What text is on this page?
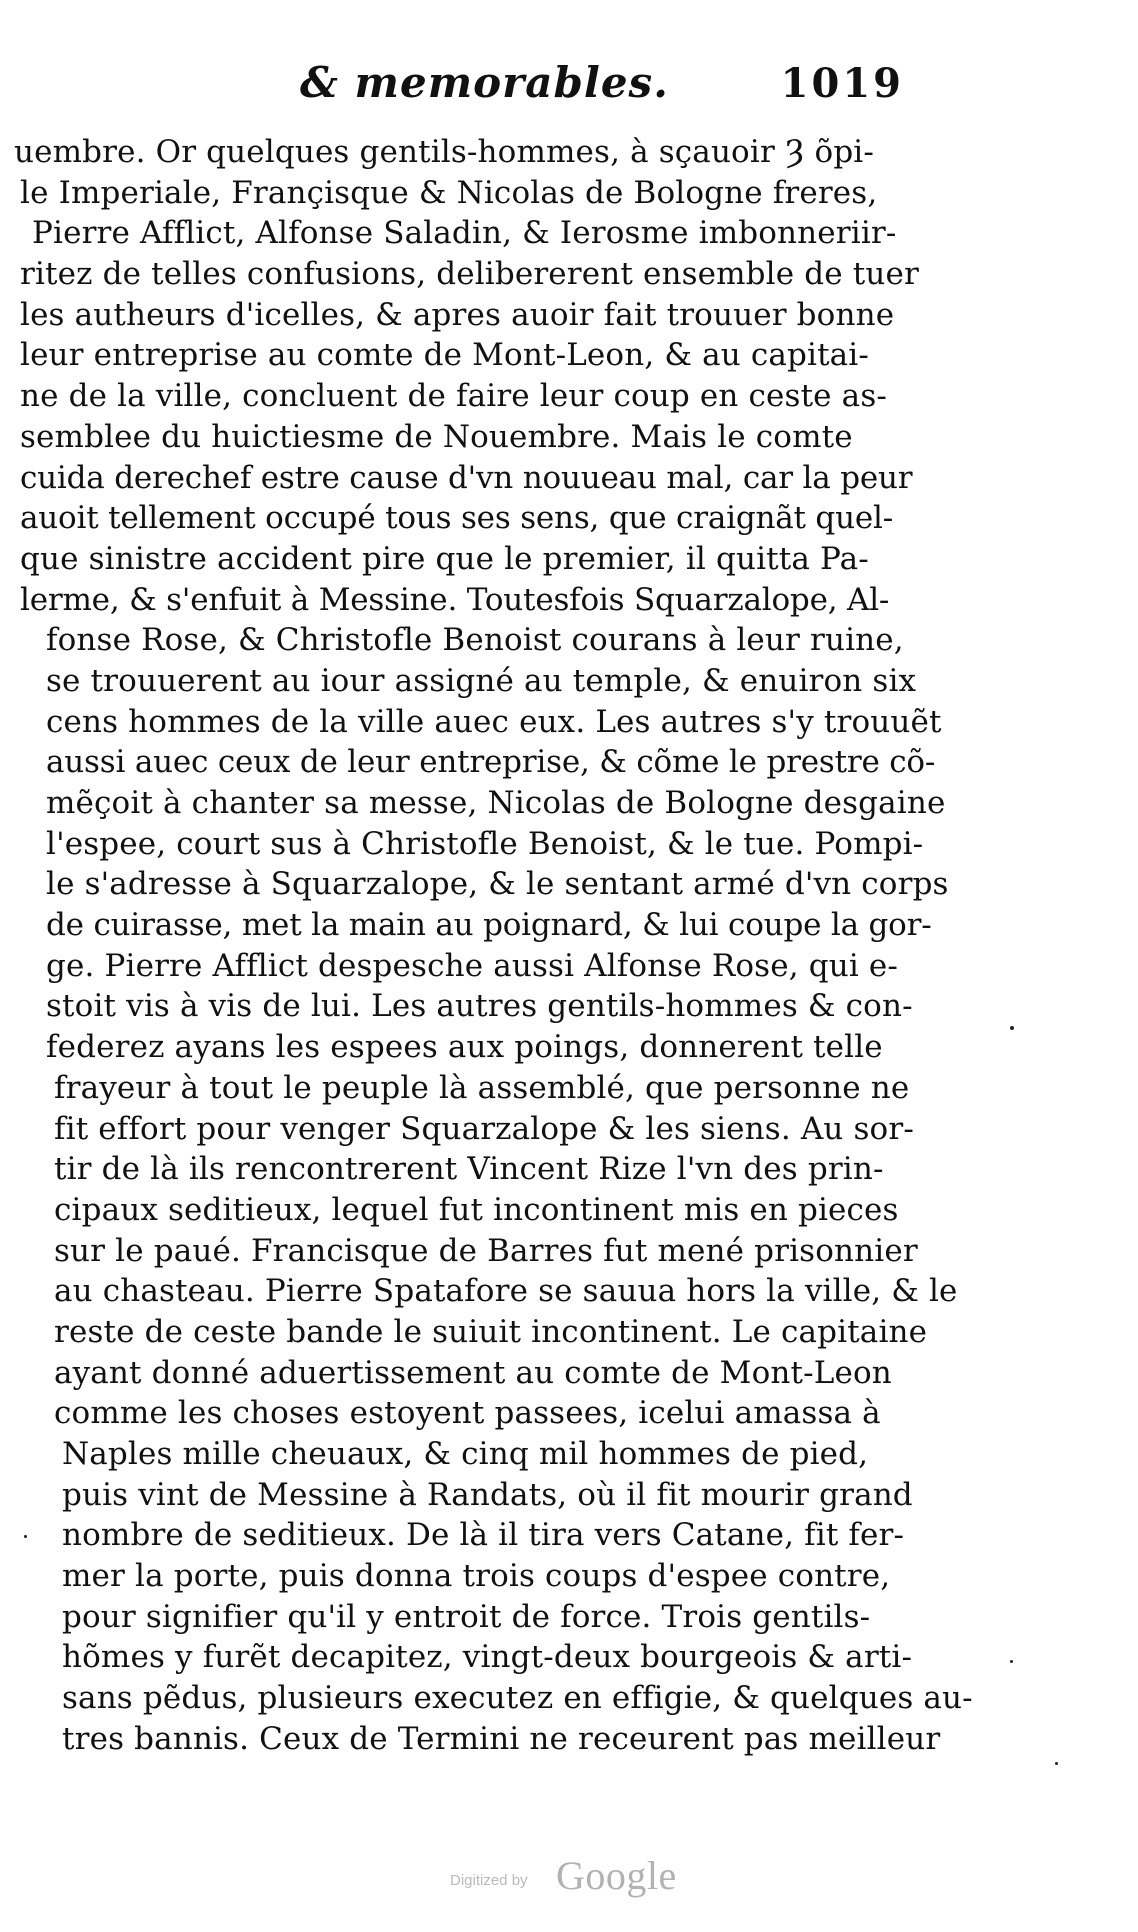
& memorables.	1019
uembre. Or quelques gentils-hommes, à sçauoir Ȝ õpi-
le Imperiale, Françisque & Nicolas de Bologne freres,
Pierre Afflict, Alfonse Saladin, & Ierosme imbonneriir-
ritez de telles confusions, delibererent ensemble de tuer
les autheurs d'icelles, & apres auoir fait trouuer bonne
leur entreprise au comte de Mont-Leon, & au capitai-
ne de la ville, concluent de faire leur coup en ceste as-
semblee du huictiesme de Nouembre. Mais le comte
cuida derechef estre cause d'vn nouueau mal, car la peur
auoit tellement occupé tous ses sens, que craignãt quel-
que sinistre accident pire que le premier, il quitta Pa-
lerme, & s'enfuit à Messine. Toutesfois Squarzalope, Al-
fonse Rose, & Christofle Benoist courans à leur ruine,
se trouuerent au iour assigné au temple, & enuiron six
cens hommes de la ville auec eux. Les autres s'y trouuẽt
aussi auec ceux de leur entreprise, & cõme le prestre cõ-
mẽçoit à chanter sa messe, Nicolas de Bologne desgaine
l'espee, court sus à Christofle Benoist, & le tue. Pompi-
le s'adresse à Squarzalope, & le sentant armé d'vn corps
de cuirasse, met la main au poignard, & lui coupe la gor-
ge. Pierre Afflict despesche aussi Alfonse Rose, qui e-
stoit vis à vis de lui. Les autres gentils-hommes & con-
federez ayans les espees aux poings, donnerent telle
frayeur à tout le peuple là assemblé, que personne ne
fit effort pour venger Squarzalope & les siens. Au sor-
tir de là ils rencontrerent Vincent Rize l'vn des prin-
cipaux seditieux, lequel fut incontinent mis en pieces
sur le paué. Francisque de Barres fut mené prisonnier
au chasteau. Pierre Spatafore se sauua hors la ville, & le
reste de ceste bande le suiuit incontinent. Le capitaine
ayant donné aduertissement au comte de Mont-Leon
comme les choses estoyent passees, icelui amassa à
Naples mille cheuaux, & cinq mil hommes de pied,
puis vint de Messine à Randats, où il fit mourir grand
nombre de seditieux. De là il tira vers Catane, fit fer-
mer la porte, puis donna trois coups d'espee contre,
pour signifier qu'il y entroit de force. Trois gentils-
hõmes y furẽt decapitez, vingt-deux bourgeois & arti-
sans pẽdus, plusieurs executez en effigie, & quelques au-
tres bannis. Ceux de Termini ne receurent pas meilleur
Digitized by Google
